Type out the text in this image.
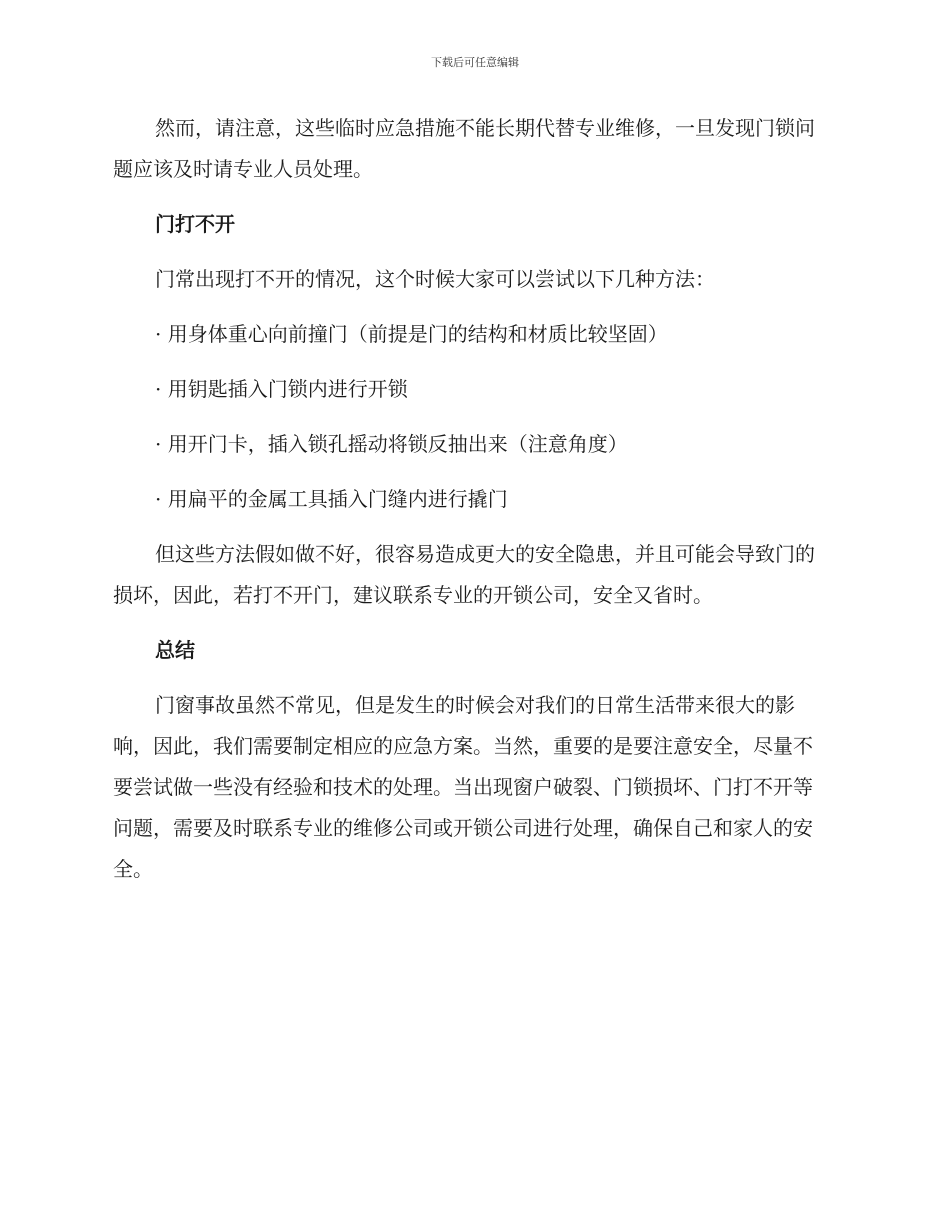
下载后可任意编辑

然而，请注意，这些临时应急措施不能长期代替专业维修，一旦发现门锁问题应该及时请专业人员处理。

门打不开

门常出现打不开的情况，这个时候大家可以尝试以下几种方法：

· 用身体重心向前撞门（前提是门的结构和材质比较坚固）
· 用钥匙插入门锁内进行开锁
· 用开门卡，插入锁孔摇动将锁反抽出来（注意角度）
· 用扁平的金属工具插入门缝内进行撬门

但这些方法假如做不好，很容易造成更大的安全隐患，并且可能会导致门的损坏，因此，若打不开门，建议联系专业的开锁公司，安全又省时。

总结

门窗事故虽然不常见，但是发生的时候会对我们的日常生活带来很大的影响，因此，我们需要制定相应的应急方案。当然，重要的是要注意安全，尽量不要尝试做一些没有经验和技术的处理。当出现窗户破裂、门锁损坏、门打不开等问题，需要及时联系专业的维修公司或开锁公司进行处理，确保自己和家人的安全。
